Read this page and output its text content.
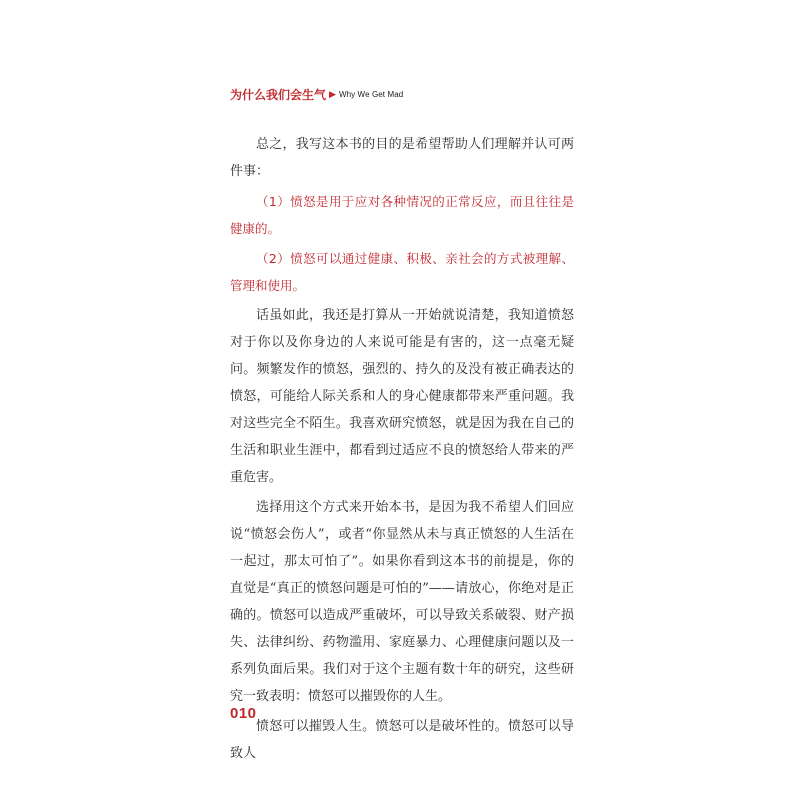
为什么我们会生气 ▶ Why We Get Mad

总之，我写这本书的目的是希望帮助人们理解并认可两件事：

（1）愤怒是用于应对各种情况的正常反应，而且往往是健康的。

（2）愤怒可以通过健康、积极、亲社会的方式被理解、管理和使用。

话虽如此，我还是打算从一开始就说清楚，我知道愤怒对于你以及你身边的人来说可能是有害的，这一点毫无疑问。频繁发作的愤怒，强烈的、持久的及没有被正确表达的愤怒，可能给人际关系和人的身心健康都带来严重问题。我对这些完全不陌生。我喜欢研究愤怒，就是因为我在自己的生活和职业生涯中，都看到过适应不良的愤怒给人带来的严重危害。

选择用这个方式来开始本书，是因为我不希望人们回应说“愤怒会伤人”，或者“你显然从未与真正愤怒的人生活在一起过，那太可怕了”。如果你看到这本书的前提是，你的直觉是“真正的愤怒问题是可怕的”——请放心，你绝对是正确的。愤怒可以造成严重破坏，可以导致关系破裂、财产损失、法律纠纷、药物滥用、家庭暴力、心理健康问题以及一系列负面后果。我们对于这个主题有数十年的研究，这些研究一致表明：愤怒可以摧毁你的人生。

愤怒可以摧毁人生。愤怒可以是破坏性的。愤怒可以导致人

010
